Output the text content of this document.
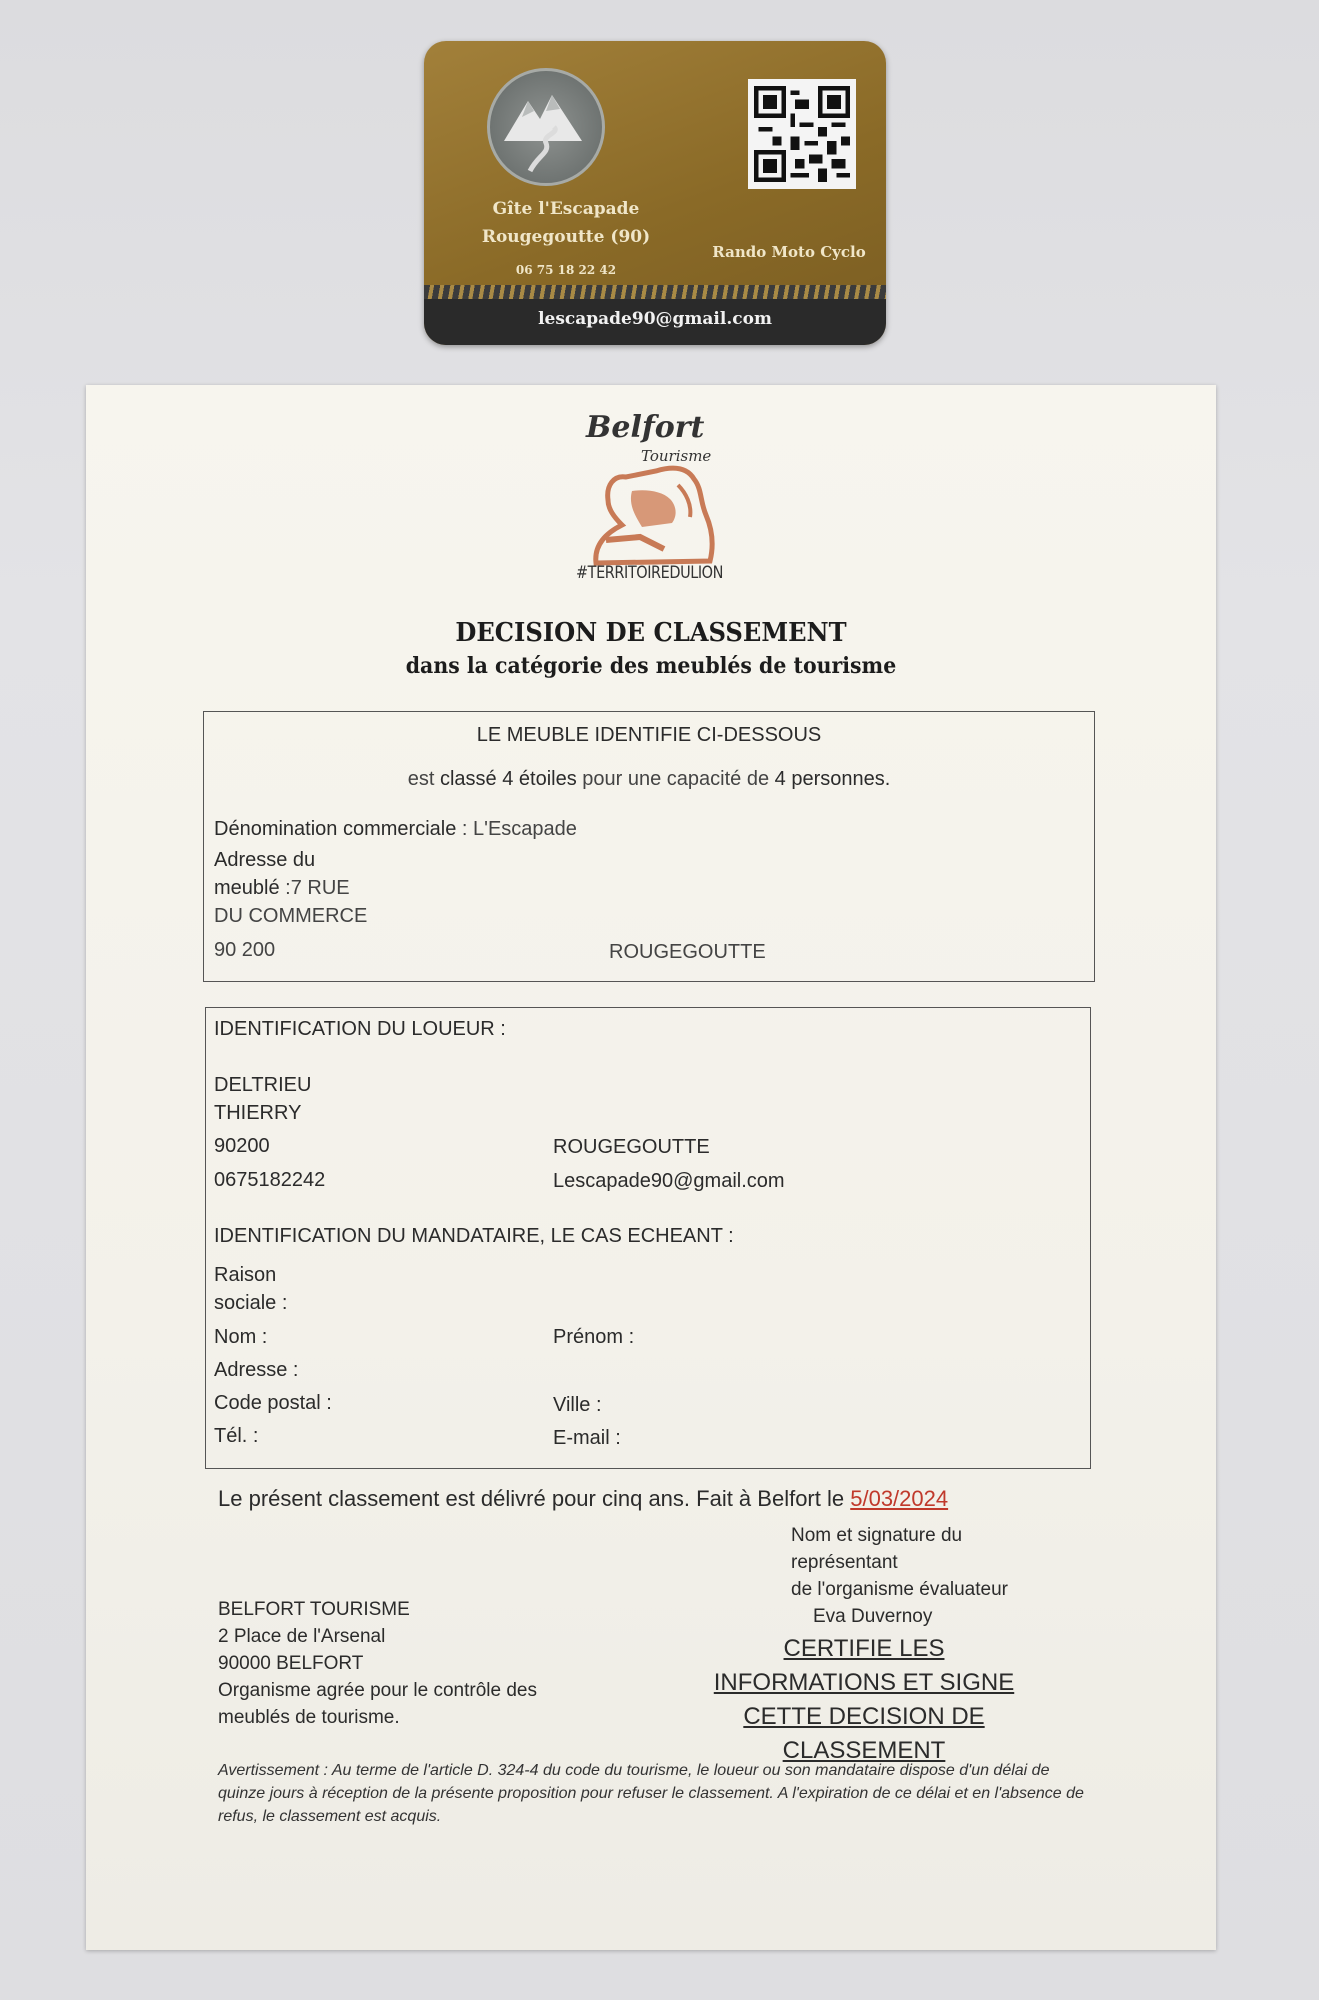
Gîte l'Escapade
Rougegoutte (90)
06 75 18 22 42
Rando Moto Cyclo
lescapade90@gmail.com
Belfort
Tourisme
#TERRITOIREDULION
DECISION DE CLASSEMENT
dans la catégorie des meublés de tourisme
LE MEUBLE IDENTIFIE CI-DESSOUS
est classé 4 étoiles pour une capacité de 4 personnes.
Dénomination commerciale : L'Escapade
Adresse du
meublé :7 RUE
DU COMMERCE
90 200	ROUGEGOUTTE
IDENTIFICATION DU LOUEUR :
DELTRIEU
THIERRY
90200	ROUGEGOUTTE
0675182242	Lescapade90@gmail.com
IDENTIFICATION DU MANDATAIRE, LE CAS ECHEANT :
Raison
sociale :
Nom :	Prénom :
Adresse :
Code postal :	Ville :
Tél. :	E-mail :
Le présent classement est délivré pour cinq ans. Fait à Belfort le 5/03/2024
Nom et signature du
représentant
de l'organisme évaluateur
Eva Duvernoy
CERTIFIE LES INFORMATIONS ET SIGNE CETTE DECISION DE CLASSEMENT
BELFORT TOURISME
2 Place de l'Arsenal
90000 BELFORT
Organisme agrée pour le contrôle des
meublés de tourisme.
Avertissement : Au terme de l'article D. 324-4 du code du tourisme, le loueur ou son mandataire dispose d'un délai de quinze jours à réception de la présente proposition pour refuser le classement. A l'expiration de ce délai et en l'absence de refus, le classement est acquis.
